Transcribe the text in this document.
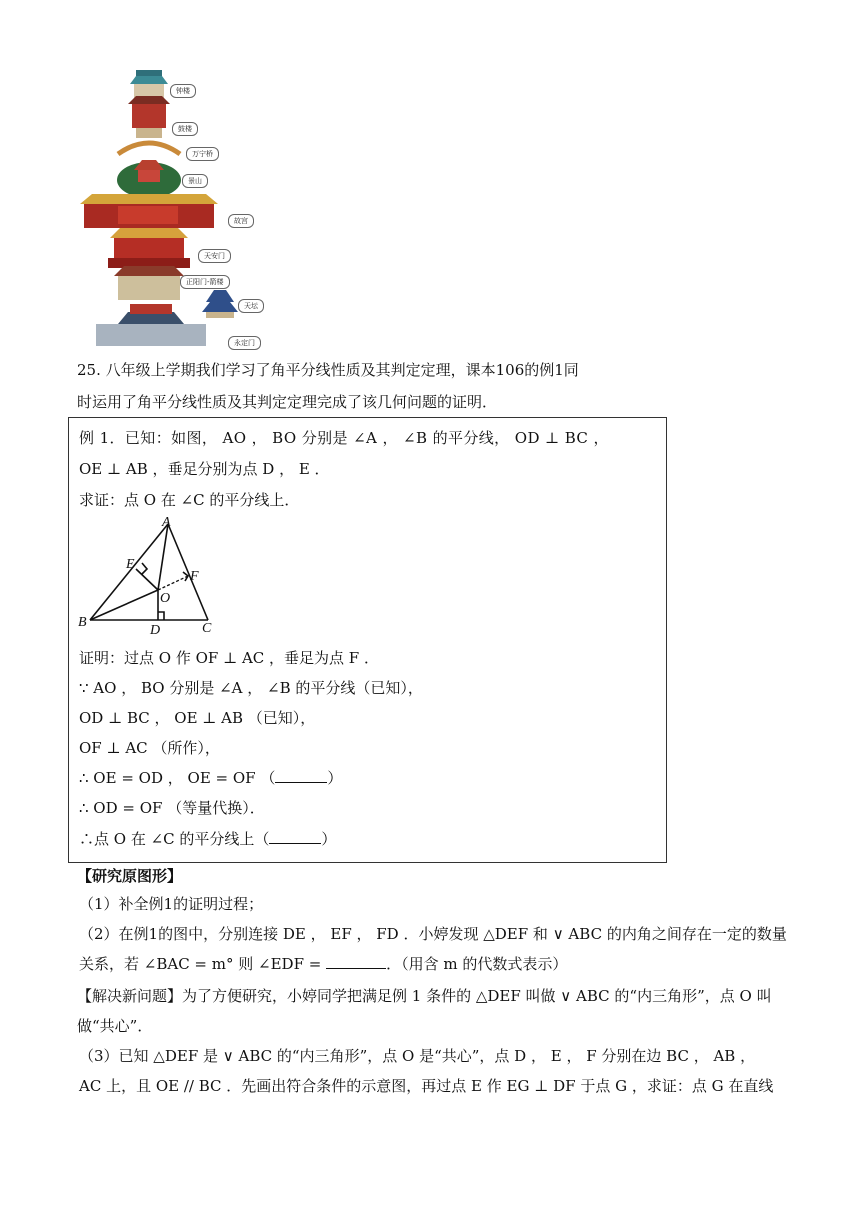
钟楼
鼓楼
万宁桥
景山
故宫
天安门
正阳门-箭楼
天坛
永定门
25. 八年级上学期我们学习了角平分线性质及其判定定理，课本106的例1同
时运用了角平分线性质及其判定定理完成了该几何问题的证明．
例 1．已知：如图， AO ， BO 分别是 ∠A ， ∠B 的平分线， OD ⊥ BC ，
OE ⊥ AB ，垂足分别为点 D ， E ．
求证：点 O 在 ∠C 的平分线上．
A
B	C
D
E
F
O
证明：过点 O 作 OF ⊥ AC ，垂足为点 F ．
∵ AO ， BO 分别是 ∠A ， ∠B 的平分线（已知），
OD ⊥ BC ， OE ⊥ AB （已知），
OF ⊥ AC （所作），
∴ OE = OD ， OE = OF （	）
∴ OD = OF （等量代换）．
∴点 O 在 ∠C 的平分线上（	）
【研究原图形】
（1）补全例1的证明过程；
（2）在例1的图中，分别连接 DE ， EF ， FD ．小婷发现 △DEF 和 ∨ ABC 的内角之间存在一定的数量
关系，若 ∠BAC = m° 则 ∠EDF =	．（用含 m 的代数式表示）
【解决新问题】为了方便研究，小婷同学把满足例 1 条件的 △DEF 叫做 ∨ ABC 的“内三角形”，点 O 叫
做“共心”．
（3）已知 △DEF 是 ∨ ABC 的“内三角形”，点 O 是“共心”，点 D ， E ， F 分别在边 BC ， AB ，
AC 上，且 OE // BC ．先画出符合条件的示意图，再过点 E 作 EG ⊥ DF 于点 G ，求证：点 G 在直线
